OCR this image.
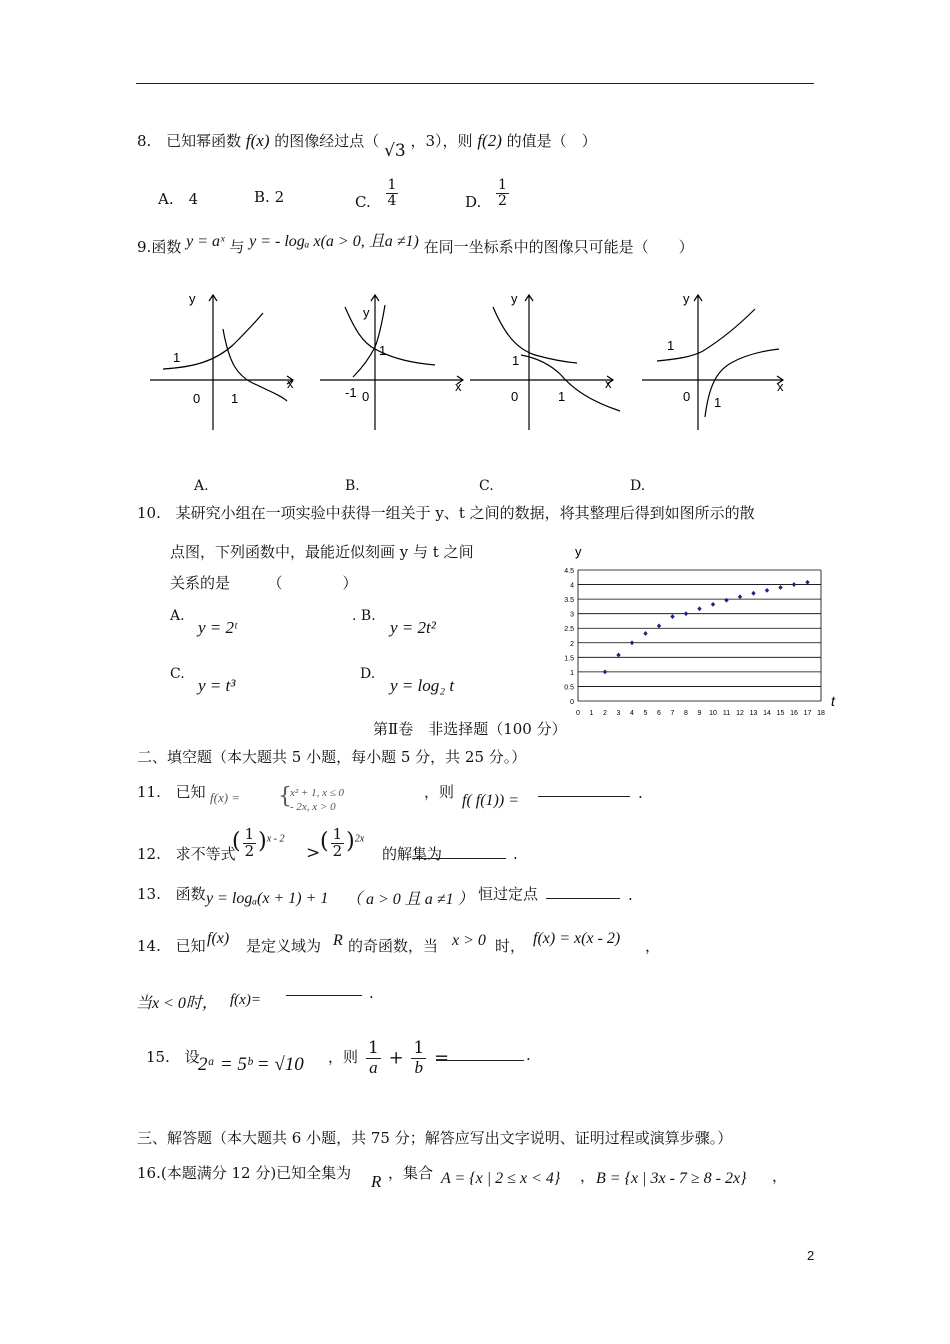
8. 已知幂函数 f(x) 的图像经过点（ √3 ，3），则 f(2) 的值是（　）
A.　 4	B. 2	C. $\frac{1}{4}$	D. $\frac{1}{2}$
9.函数 y = aˣ 与 y = - logₐ x(a > 0, 且a ≠1) 在同一坐标系中的图像只可能是（　　）
y
x
0 1
1
A.
y
x
0
-1
1
B.
y
x
0	1
1
C.
y
x
0 1
1
D.
10. 某研究小组在一项实验中获得一组关于 y、t 之间的数据，将其整理后得到如图所示的散
点图，下列函数中，最能近似刻画 y 与 t 之间
关系的是　　　（　　　　）
A.
y = 2ᵗ
. B.
y = 2t²
C.
y = t³
D.
y = log₂ t
y
t
0
0.5
1
1.5
2
2.5
3
3.5
4
4.5
0 1 2 3 4 5 6 7 8 9 10 11 12 13 14 15 16 17 18
第Ⅱ卷　非选择题（100 分）
二、填空题（本大题共 5 小题，每小题 5 分，共 25 分。）
11. 已知 f(x) = {
x² + 1, x ≤ 0
- 2x, x > 0
，则 f( f(1)) =	.
12. 求不等式
( $\frac{1}{2} )^{x - 2}$
> ( $\frac{1}{2} )^{2x}$
的解集为	.
13. 函数 y = logₐ(x + 1) + 1 （ a > 0 且 a ≠1 ） 恒过定点	.
14. 已知 f(x) 是定义域为 R 的奇函数，当 x > 0 时， f(x) = x(x - 2) ，
当x < 0时， f(x)=	.
15. 设
2ᵃ = 5ᵇ = √10 ，则 $\frac{1}{a} + \frac{1}{b}$ =	.
三、解答题（本大题共 6 小题，共 75 分；解答应写出文字说明、证明过程或演算步骤。）
16.(本题满分 12 分)已知全集为 R ，集合 A = {x | 2 ≤ x < 4} ， B = {x | 3x - 7 ≥ 8 - 2x} ，
2
